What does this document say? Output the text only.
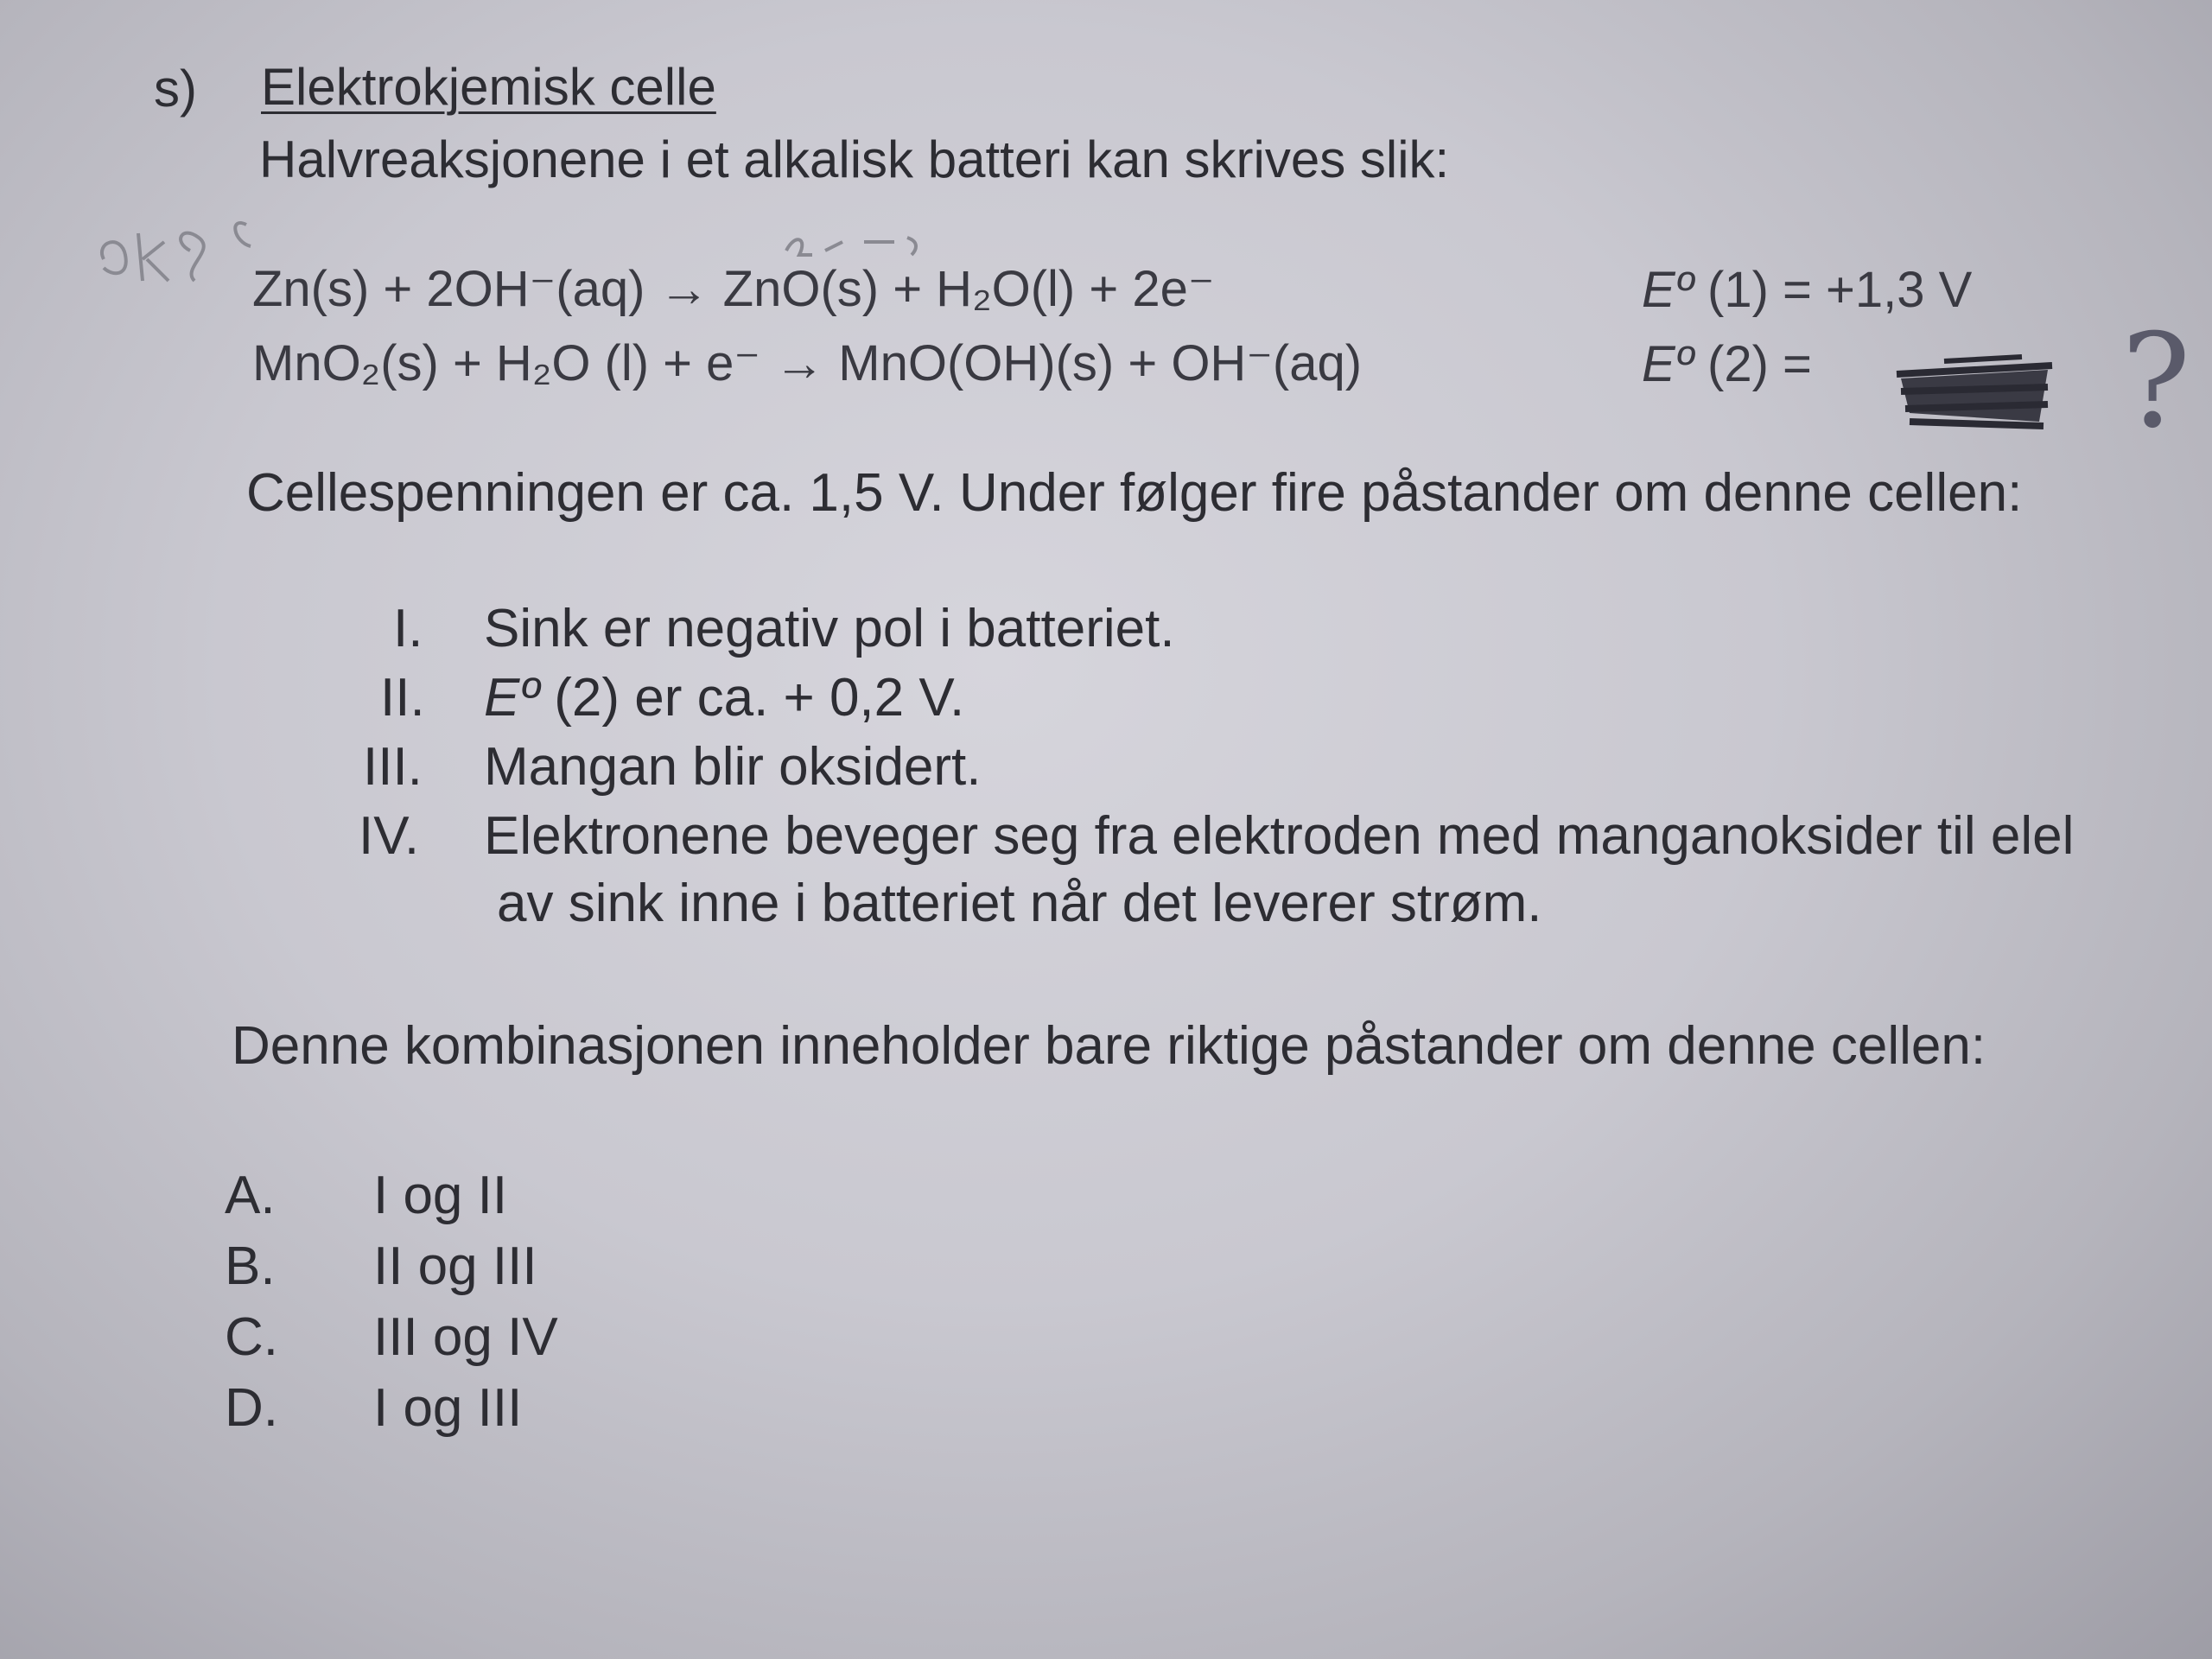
s) Elektrokjemisk celle
Halvreaksjonene i et alkalisk batteri kan skrives slik:
Zn(s) + 2OH⁻(aq) → ZnO(s) + H₂O(l) + 2e⁻	Eº (1) = +1,3 V
MnO₂(s) + H₂O (l) + e⁻ → MnO(OH)(s) + OH⁻(aq)	Eº (2) = ?
Cellespenningen er ca. 1,5 V. Under følger fire påstander om denne cellen:
I. Sink er negativ pol i batteriet.
II. Eº (2) er ca. + 0,2 V.
III. Mangan blir oksidert.
IV. Elektronene beveger seg fra elektroden med manganoksider til elel
av sink inne i batteriet når det leverer strøm.
Denne kombinasjonen inneholder bare riktige påstander om denne cellen:
A. I og II
B. II og III
C. III og IV
D. I og III
